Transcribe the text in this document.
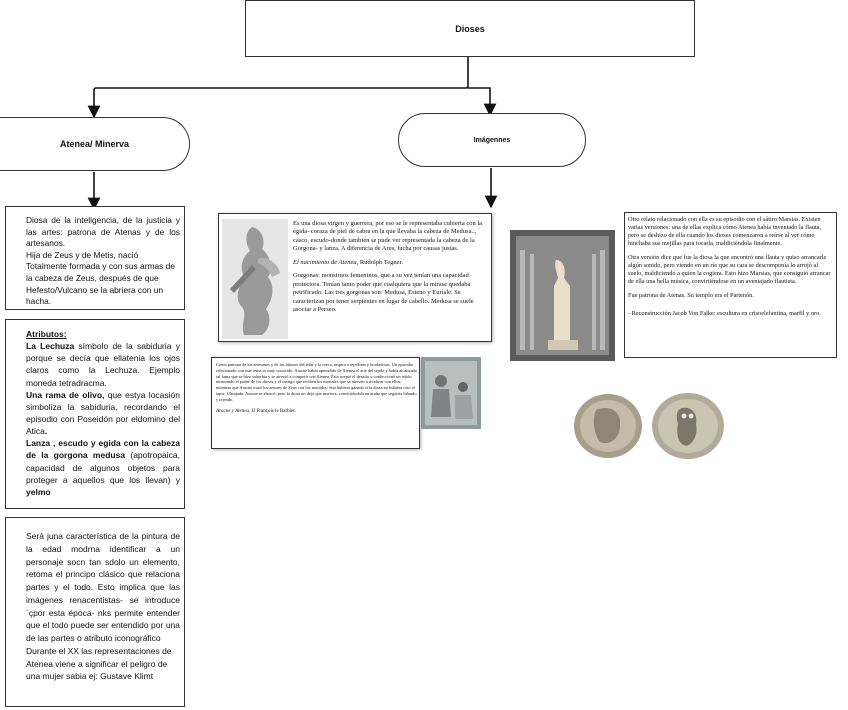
Dioses
Atenea/ Minerva	Imágennes

Diosa de la inteligencia, de la justicia y las artes: patrona de Atenas y de los artesanos.

Hija de Zeus y de Metis, nació Totalmente formada y con sus armas de la cabeza de Zeus, después de que Hefesto/Vulcano se la abriera con un hacha.

Atributos:

La Lechuza símbolo de la sabiduria y porque se decía que ellatenia los ojos claros como la Lechuza. Ejemplo moneda tetradracma.

Una rama de olivo, que estya locasión simboliza la sabiduria, recordando el episodio con Poseidón por eldomino del Atica.

Lanza , escudo y egida con la cabeza de la gorgona medusa (apotropaica, capacidad de algunos objetos para proteger a aquellos que los llevan) y yelmo

Será juna característica de la pintura de la edad modrna identificar a un personaje socn tan sdolo un elemento, retoma el principo clásico que relaciona partes y el todo. Esto implica que las imágenes renacentistas- se introduce ´çpor esta época- nks permite entender que el todo puede ser entendido por una de las partes o atributo iconográfico

Durante el XX las representaciones de Atenea viene a significar el peligro de una mujer sabia ej: Gustave Klimt

Es una diosa virgen y guerrera, por eso se le representaba cubierta con la égida- coraza de piel de cabra en la que llevaba la cabeza de Medusa.., casco, escudo-donde también se pude ver representada la cabeza de la Gorgona- y lanza. A diferencia de Ares, lucha por causas justas.

El nacimiento de Atenea, Rudolph Tegner.

Gorgonas: monstruos femeninos, que a su vez tenían una capacidad protectora. Tenían tanto poder que cualquiera que la mirase quedaba petrificado. Las tres gorgonas son: Medusa, Esteno y Euríale. Se caracterizan por tener serpientes en lugar de cabello. Medusa se suele asociar a Perseo.

Como patrona de los artesanos y de las labores del telar y la rueca, inspira a tejedoras y bordadoras. Un episodio relacionado con este tema es muy conocido: Aracne había aprendido de Atenea el arte del tejido y había alcanzado tal fama que se hizo soberbia y se atrevió a competir con Atenea. Ésta aceptó el desafío y confeccionó un tejido mostrando el poder de los dioses y el castigo que reciben los mortales que se atreven a rivalizar con ellos, mientras que Aracne trazó los amores de Zeus con los mortales; ésta hubiera ganado si la diosa no hubiera roto el tapiz. Ultrajada, Aracne se ahorcó, pero la diosa no dejó que muriera, convirtiéndola en araña que seguiría hilando y tejendo.

Aracne y Atenea, JJ François le Barbier.

Otro relato relacionado con ella es su episodio con el sátiro Marsias. Existen varias versiones: una de ellas explica cómo Atenea había inventado la flauta, pero se deshizo de ella cuando los dioses comenzaron a reírse al ver cómo hinchaba sus mejillas para tocarla, maldiciéndola finalmente.

Otra versión dice que fue la diosa la que encontró una flauta y quiso arrancarle algún sonido, pero viendo en un río que su cara se descomponía lo arrojó al suelo, maldiciendo a quien la cogiera. Esto hizo Marsias, que consiguió arrancar de ella una bella música, convirtiéndose en un aventajado flautista.

Fue patrona de Atenas. Su templo era el Partenón.

- Reconstrucción Jacob Von Falke: escultura en crisoelefantina, marfil y oro.
